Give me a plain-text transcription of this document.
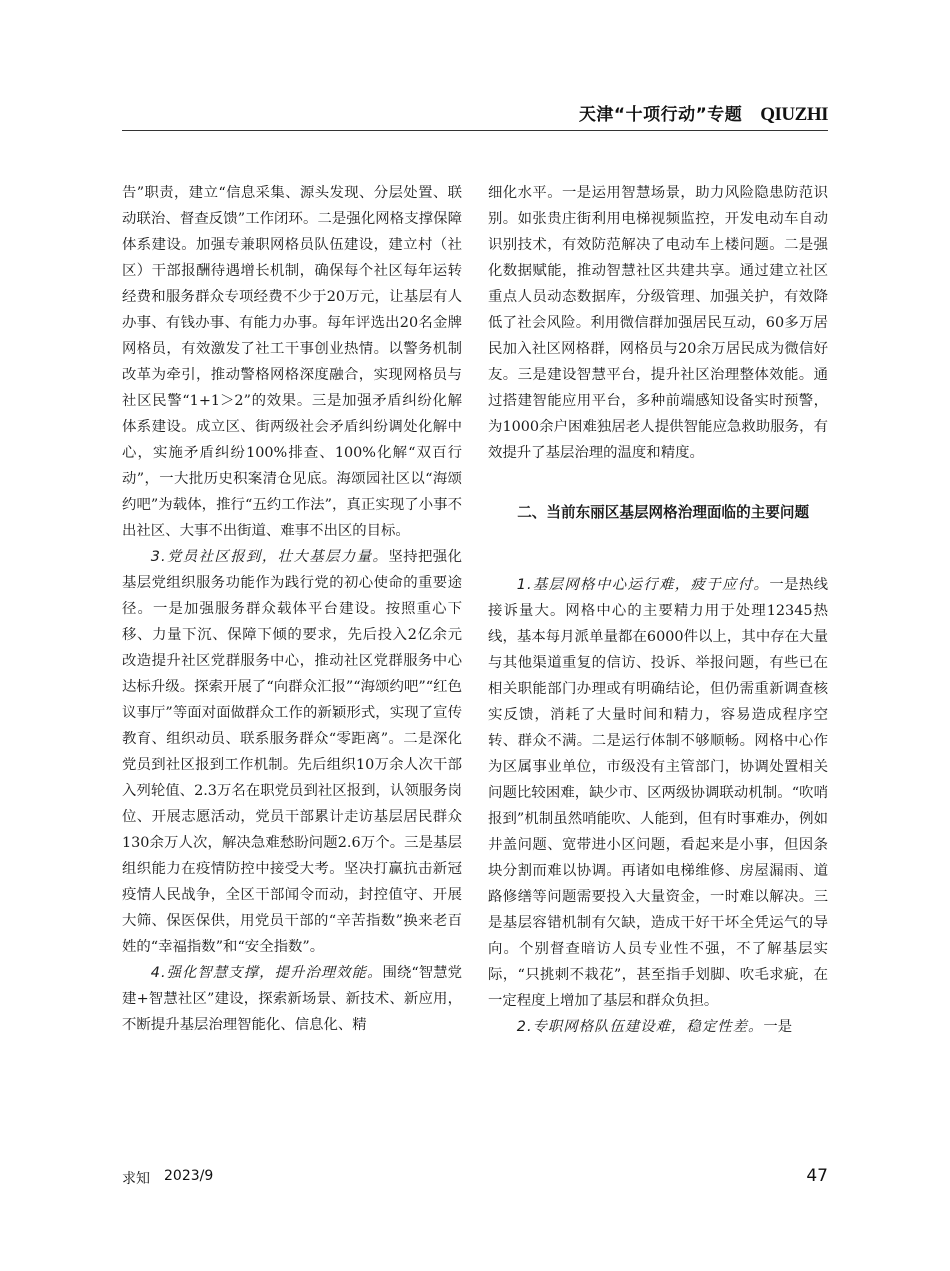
天津“十项行动”专题 QIUZHI

告”职责，建立“信息采集、源头发现、分层处置、联动联治、督查反馈”工作闭环。二是强化网格支撑保障体系建设。加强专兼职网格员队伍建设，建立村（社区）干部报酬待遇增长机制，确保每个社区每年运转经费和服务群众专项经费不少于20万元，让基层有人办事、有钱办事、有能力办事。每年评选出20名金牌网格员，有效激发了社工干事创业热情。以警务机制改革为牵引，推动警格网格深度融合，实现网格员与社区民警“1+1＞2”的效果。三是加强矛盾纠纷化解体系建设。成立区、街两级社会矛盾纠纷调处化解中心，实施矛盾纠纷100%排查、100%化解“双百行动”，一大批历史积案清仓见底。海颂园社区以“海颂约吧”为载体，推行“五约工作法”，真正实现了小事不出社区、大事不出街道、难事不出区的目标。

3.党员社区报到，壮大基层力量。坚持把强化基层党组织服务功能作为践行党的初心使命的重要途径。一是加强服务群众载体平台建设。按照重心下移、力量下沉、保障下倾的要求，先后投入2亿余元改造提升社区党群服务中心，推动社区党群服务中心达标升级。探索开展了“向群众汇报”“海颂约吧”“红色议事厅”等面对面做群众工作的新颖形式，实现了宣传教育、组织动员、联系服务群众“零距离”。二是深化党员到社区报到工作机制。先后组织10万余人次干部入列轮值、2.3万名在职党员到社区报到，认领服务岗位、开展志愿活动，党员干部累计走访基层居民群众130余万人次，解决急难愁盼问题2.6万个。三是基层组织能力在疫情防控中接受大考。坚决打赢抗击新冠疫情人民战争，全区干部闻令而动，封控值守、开展大筛、保医保供，用党员干部的“辛苦指数”换来老百姓的“幸福指数”和“安全指数”。

4.强化智慧支撑，提升治理效能。围绕“智慧党建+智慧社区”建设，探索新场景、新技术、新应用，不断提升基层治理智能化、信息化、精

细化水平。一是运用智慧场景，助力风险隐患防范识别。如张贵庄街利用电梯视频监控，开发电动车自动识别技术，有效防范解决了电动车上楼问题。二是强化数据赋能，推动智慧社区共建共享。通过建立社区重点人员动态数据库，分级管理、加强关护，有效降低了社会风险。利用微信群加强居民互动，60多万居民加入社区网格群，网格员与20余万居民成为微信好友。三是建设智慧平台，提升社区治理整体效能。通过搭建智能应用平台，多种前端感知设备实时预警，为1000余户困难独居老人提供智能应急救助服务，有效提升了基层治理的温度和精度。

二、当前东丽区基层网格治理面临的主要问题

1.基层网格中心运行难，疲于应付。一是热线接诉量大。网格中心的主要精力用于处理12345热线，基本每月派单量都在6000件以上，其中存在大量与其他渠道重复的信访、投诉、举报问题，有些已在相关职能部门办理或有明确结论，但仍需重新调查核实反馈，消耗了大量时间和精力，容易造成程序空转、群众不满。二是运行体制不够顺畅。网格中心作为区属事业单位，市级没有主管部门，协调处置相关问题比较困难，缺少市、区两级协调联动机制。“吹哨报到”机制虽然哨能吹、人能到，但有时事难办，例如井盖问题、宽带进小区问题，看起来是小事，但因条块分割而难以协调。再诸如电梯维修、房屋漏雨、道路修缮等问题需要投入大量资金，一时难以解决。三是基层容错机制有欠缺，造成干好干坏全凭运气的导向。个别督查暗访人员专业性不强，不了解基层实际，“只挑刺不栽花”，甚至指手划脚、吹毛求疵，在一定程度上增加了基层和群众负担。

2.专职网格队伍建设难，稳定性差。一是

求知 2023/9	47
